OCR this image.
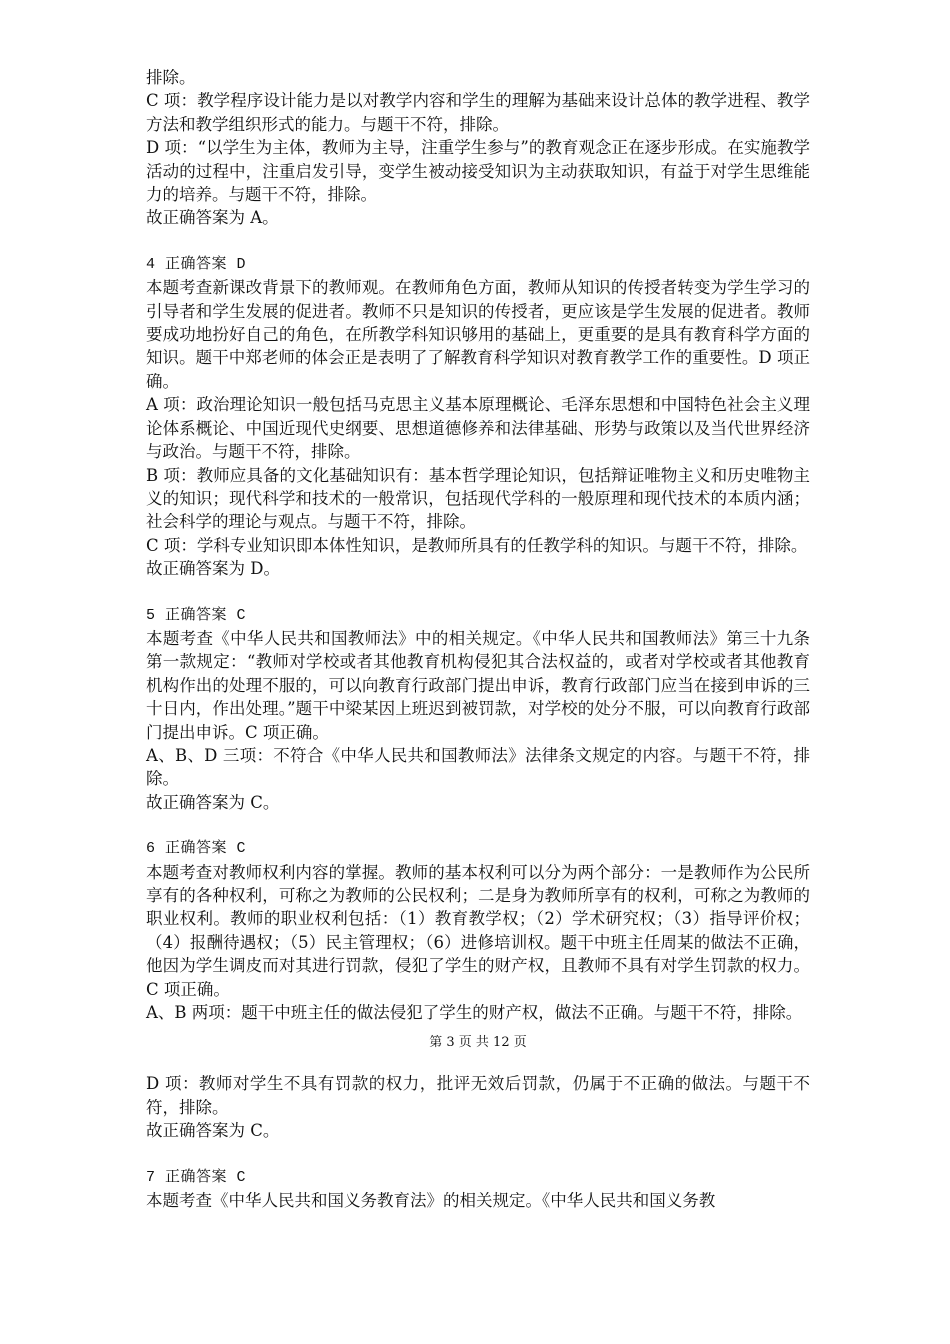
排除。

C 项：教学程序设计能力是以对教学内容和学生的理解为基础来设计总体的教学进程、教学方法和教学组织形式的能力。与题干不符，排除。

D 项：“以学生为主体，教师为主导，注重学生参与”的教育观念正在逐步形成。在实施教学活动的过程中，注重启发引导，变学生被动接受知识为主动获取知识，有益于对学生思维能力的培养。与题干不符，排除。

故正确答案为 A。

4 正确答案 D

本题考查新课改背景下的教师观。在教师角色方面，教师从知识的传授者转变为学生学习的引导者和学生发展的促进者。教师不只是知识的传授者，更应该是学生发展的促进者。教师要成功地扮好自己的角色，在所教学科知识够用的基础上，更重要的是具有教育科学方面的知识。题干中郑老师的体会正是表明了了解教育科学知识对教育教学工作的重要性。D 项正确。

A 项：政治理论知识一般包括马克思主义基本原理概论、毛泽东思想和中国特色社会主义理论体系概论、中国近现代史纲要、思想道德修养和法律基础、形势与政策以及当代世界经济与政治。与题干不符，排除。

B 项：教师应具备的文化基础知识有：基本哲学理论知识，包括辩证唯物主义和历史唯物主义的知识；现代科学和技术的一般常识，包括现代学科的一般原理和现代技术的本质内涵；社会科学的理论与观点。与题干不符，排除。

C 项：学科专业知识即本体性知识，是教师所具有的任教学科的知识。与题干不符，排除。

故正确答案为 D。

5 正确答案 C

本题考查《中华人民共和国教师法》中的相关规定。《中华人民共和国教师法》第三十九条第一款规定：“教师对学校或者其他教育机构侵犯其合法权益的，或者对学校或者其他教育机构作出的处理不服的，可以向教育行政部门提出申诉，教育行政部门应当在接到申诉的三十日内，作出处理。”题干中梁某因上班迟到被罚款，对学校的处分不服，可以向教育行政部门提出申诉。C 项正确。

A、B、D 三项：不符合《中华人民共和国教师法》法律条文规定的内容。与题干不符，排除。

故正确答案为 C。

6 正确答案 C

本题考查对教师权利内容的掌握。教师的基本权利可以分为两个部分：一是教师作为公民所享有的各种权利，可称之为教师的公民权利；二是身为教师所享有的权利，可称之为教师的职业权利。教师的职业权利包括：（1）教育教学权；（2）学术研究权；（3）指导评价权；（4）报酬待遇权；（5）民主管理权；（6）进修培训权。题干中班主任周某的做法不正确，他因为学生调皮而对其进行罚款，侵犯了学生的财产权，且教师不具有对学生罚款的权力。C 项正确。

A、B 两项：题干中班主任的做法侵犯了学生的财产权，做法不正确。与题干不符，排除。

第 3 页 共 12 页

D 项：教师对学生不具有罚款的权力，批评无效后罚款，仍属于不正确的做法。与题干不符，排除。

故正确答案为 C。

7 正确答案 C

本题考查《中华人民共和国义务教育法》的相关规定。《中华人民共和国义务教
